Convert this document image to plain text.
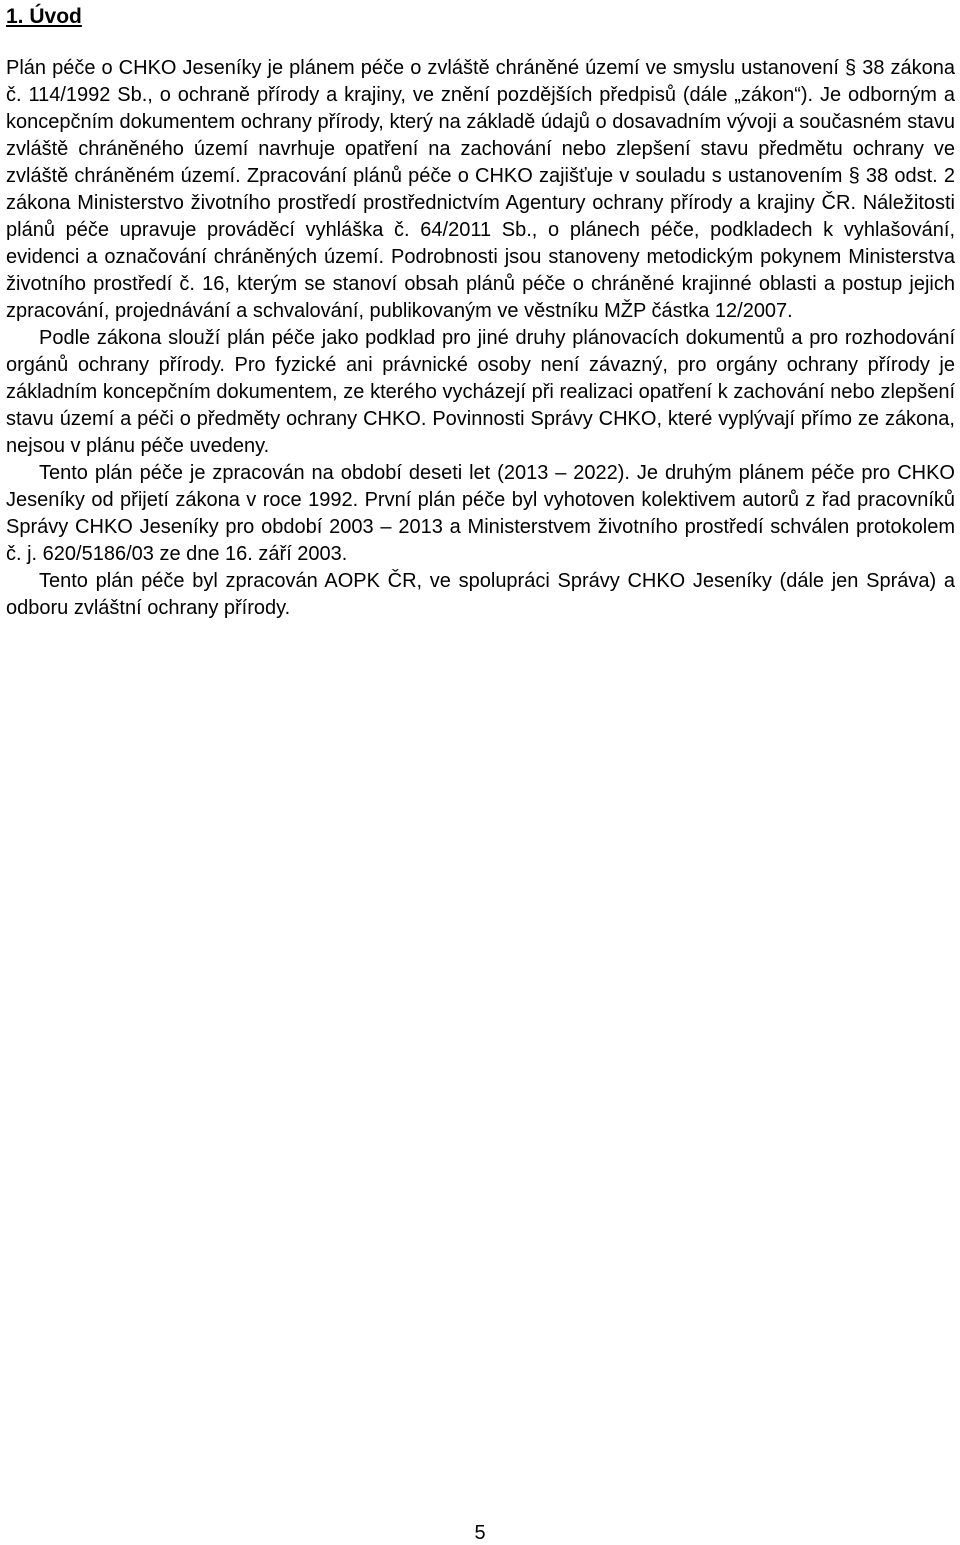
1. Úvod

Plán péče o CHKO Jeseníky je plánem péče o zvláště chráněné území ve smyslu ustanovení § 38 zákona č. 114/1992 Sb., o ochraně přírody a krajiny, ve znění pozdějších předpisů (dále „zákon“). Je odborným a koncepčním dokumentem ochrany přírody, který na základě údajů o dosavadním vývoji a současném stavu zvláště chráněného území navrhuje opatření na zachování nebo zlepšení stavu předmětu ochrany ve zvláště chráněném území. Zpracování plánů péče o CHKO zajišťuje v souladu s ustanovením § 38 odst. 2 zákona Ministerstvo životního prostředí prostřednictvím Agentury ochrany přírody a krajiny ČR. Náležitosti plánů péče upravuje prováděcí vyhláška č. 64/2011 Sb., o plánech péče, podkladech k vyhlašování, evidenci a označování chráněných území. Podrobnosti jsou stanoveny metodickým pokynem Ministerstva životního prostředí č. 16, kterým se stanoví obsah plánů péče o chráněné krajinné oblasti a postup jejich zpracování, projednávání a schvalování, publikovaným ve věstníku MŽP částka 12/2007.

Podle zákona slouží plán péče jako podklad pro jiné druhy plánovacích dokumentů a pro rozhodování orgánů ochrany přírody. Pro fyzické ani právnické osoby není závazný, pro orgány ochrany přírody je základním koncepčním dokumentem, ze kterého vycházejí při realizaci opatření k zachování nebo zlepšení stavu území a péči o předměty ochrany CHKO. Povinnosti Správy CHKO, které vyplývají přímo ze zákona, nejsou v plánu péče uvedeny.

Tento plán péče je zpracován na období deseti let (2013 – 2022). Je druhým plánem péče pro CHKO Jeseníky od přijetí zákona v roce 1992. První plán péče byl vyhotoven kolektivem autorů z řad pracovníků Správy CHKO Jeseníky pro období 2003 – 2013 a Ministerstvem životního prostředí schválen protokolem č. j. 620/5186/03 ze dne 16. září 2003.

Tento plán péče byl zpracován AOPK ČR, ve spolupráci Správy CHKO Jeseníky (dále jen Správa) a odboru zvláštní ochrany přírody.

5
